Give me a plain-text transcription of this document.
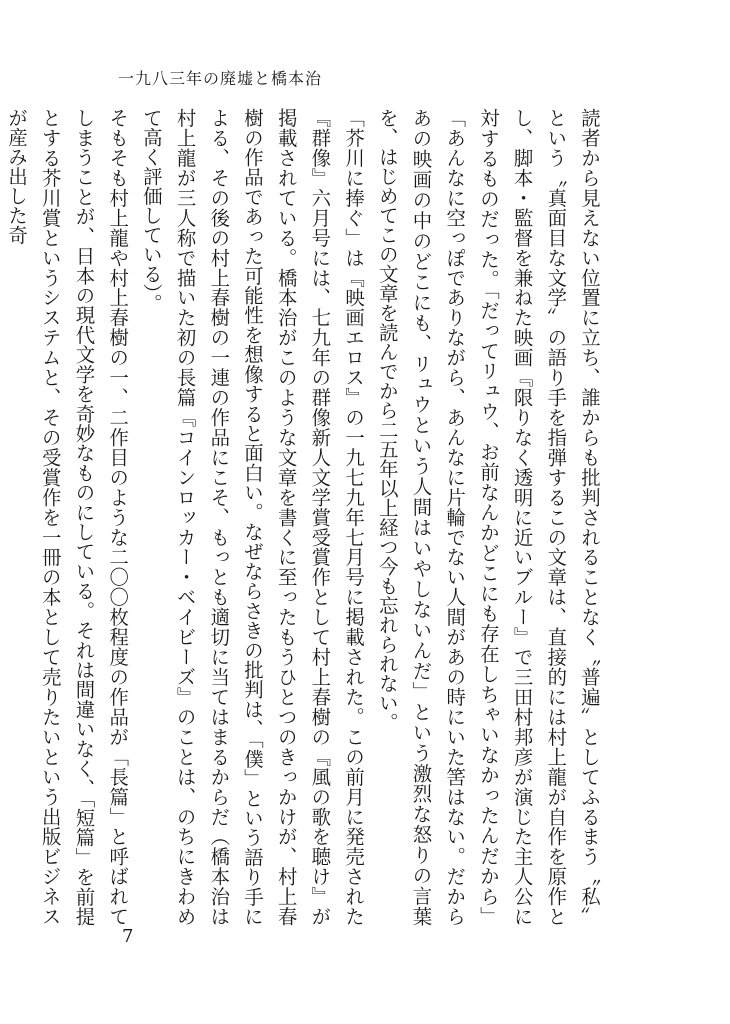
一九八三年の廃墟と橋本治

読者から見えない位置に立ち、誰からも批判されることなく〝普遍〟としてふるまう〝私〟という〝真面目な文学〟の語り手を指弾するこの文章は、直接的には村上龍が自作を原作とし、脚本・監督を兼ねた映画『限りなく透明に近いブルー』で三田村邦彦が演じた主人公に対するものだった。「だってリュウ、お前なんかどこにも存在しちゃいなかったんだから」「あんなに空っぽでありながら、あんなに片輪でない人間があの時にいた筈はない。だからあの映画の中のどこにも、リュウという人間はいやしないんだ」という激烈な怒りの言葉を、はじめてこの文章を読んでから二五年以上経つ今も忘れられない。

「芥川に捧ぐ」は『映画エロス』の一九七九年七月号に掲載された。この前月に発売された『群像』六月号には、七九年の群像新人文学賞受賞作として村上春樹の『風の歌を聴け』が掲載されている。橋本治がこのような文章を書くに至ったもうひとつのきっかけが、村上春樹の作品であった可能性を想像すると面白い。なぜならさきの批判は、「僕」という語り手による、その後の村上春樹の一連の作品にこそ、もっとも適切に当てはまるからだ（橋本治は村上龍が三人称で描いた初の長篇『コインロッカー・ベイビーズ』のことは、のちにきわめて高く評価している）。

そもそも村上龍や村上春樹の一、二作目のような二〇〇枚程度の作品が「長篇」と呼ばれてしまうことが、日本の現代文学を奇妙なものにしている。それは間違いなく、「短篇」を前提とする芥川賞というシステムと、その受賞作を一冊の本として売りたいという出版ビジネスが産み出した奇

7
